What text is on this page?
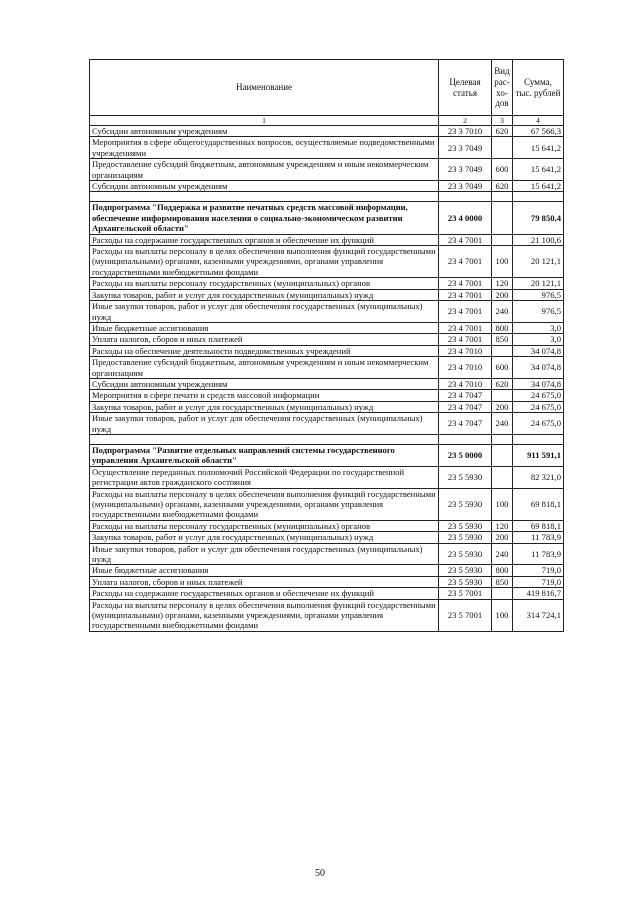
Наименование	Целевая статья	Вид рас-хо-дов	Сумма, тыс. рублей
1	2	3	4
Субсидии автономным учреждениям	23 3 7010	620	67 566,3
Мероприятия в сфере общегосударственных вопросов, осуществляемые подведомственными учреждениями	23 3 7049		15 641,2
Предоставление субсидий бюджетным, автономным учреждениям и иным некоммерческим организациям	23 3 7049	600	15 641,2
Субсидии автономным учреждениям	23 3 7049	620	15 641,2

Подпрограмма "Поддержка и развитие печатных средств массовой информации, обеспечение информирования населения о социально-экономическом развитии Архангельской области"	23 4 0000		79 850,4
Расходы на содержание государственных органов и обеспечение их функций	23 4 7001		21 100,6
Расходы на выплаты персоналу в целях обеспечения выполнения функций государственными (муниципальными) органами, казенными учреждениями, органами управления государственными внебюджетными фондами	23 4 7001	100	20 121,1
Расходы на выплаты персоналу государственных (муниципальных) органов	23 4 7001	120	20 121,1
Закупка товаров, работ и услуг для государственных (муниципальных) нужд	23 4 7001	200	976,5
Иные закупки товаров, работ и услуг для обеспечения государственных (муниципальных) нужд	23 4 7001	240	976,5
Иные бюджетные ассигнования	23 4 7001	800	3,0
Уплата налогов, сборов и иных платежей	23 4 7001	850	3,0
Расходы на обеспечение деятельности подведомственных учреждений	23 4 7010		34 074,8
Предоставление субсидий бюджетным, автономным учреждениям и иным некоммерческим организациям	23 4 7010	600	34 074,8
Субсидии автономным учреждениям	23 4 7010	620	34 074,8
Мероприятия в сфере печати и средств массовой информации	23 4 7047		24 675,0
Закупка товаров, работ и услуг для государственных (муниципальных) нужд	23 4 7047	200	24 675,0
Иные закупки товаров, работ и услуг для обеспечения государственных (муниципальных) нужд	23 4 7047	240	24 675,0

Подпрограмма "Развитие отдельных направлений системы государственного управления Архангельской области"	23 5 0000		911 591,1
Осуществление переданных полномочий Российской Федерации по государственной регистрации актов гражданского состояния	23 5 5930		82 321,0
Расходы на выплаты персоналу в целях обеспечения выполнения функций государственными (муниципальными) органами, казенными учреждениями, органами управления государственными внебюджетными фондами	23 5 5930	100	69 818,1
Расходы на выплаты персоналу государственных (муниципальных) органов	23 5 5930	120	69 818,1
Закупка товаров, работ и услуг для государственных (муниципальных) нужд	23 5 5930	200	11 783,9
Иные закупки товаров, работ и услуг для обеспечения государственных (муниципальных) нужд	23 5 5930	240	11 783,9
Иные бюджетные ассигнования	23 5 5930	800	719,0
Уплата налогов, сборов и иных платежей	23 5 5930	850	719,0
Расходы на содержание государственных органов и обеспечение их функций	23 5 7001		419 816,7
Расходы на выплаты персоналу в целях обеспечения выполнения функций государственными (муниципальными) органами, казенными учреждениями, органами управления государственными внебюджетными фондами	23 5 7001	100	314 724,1
50
